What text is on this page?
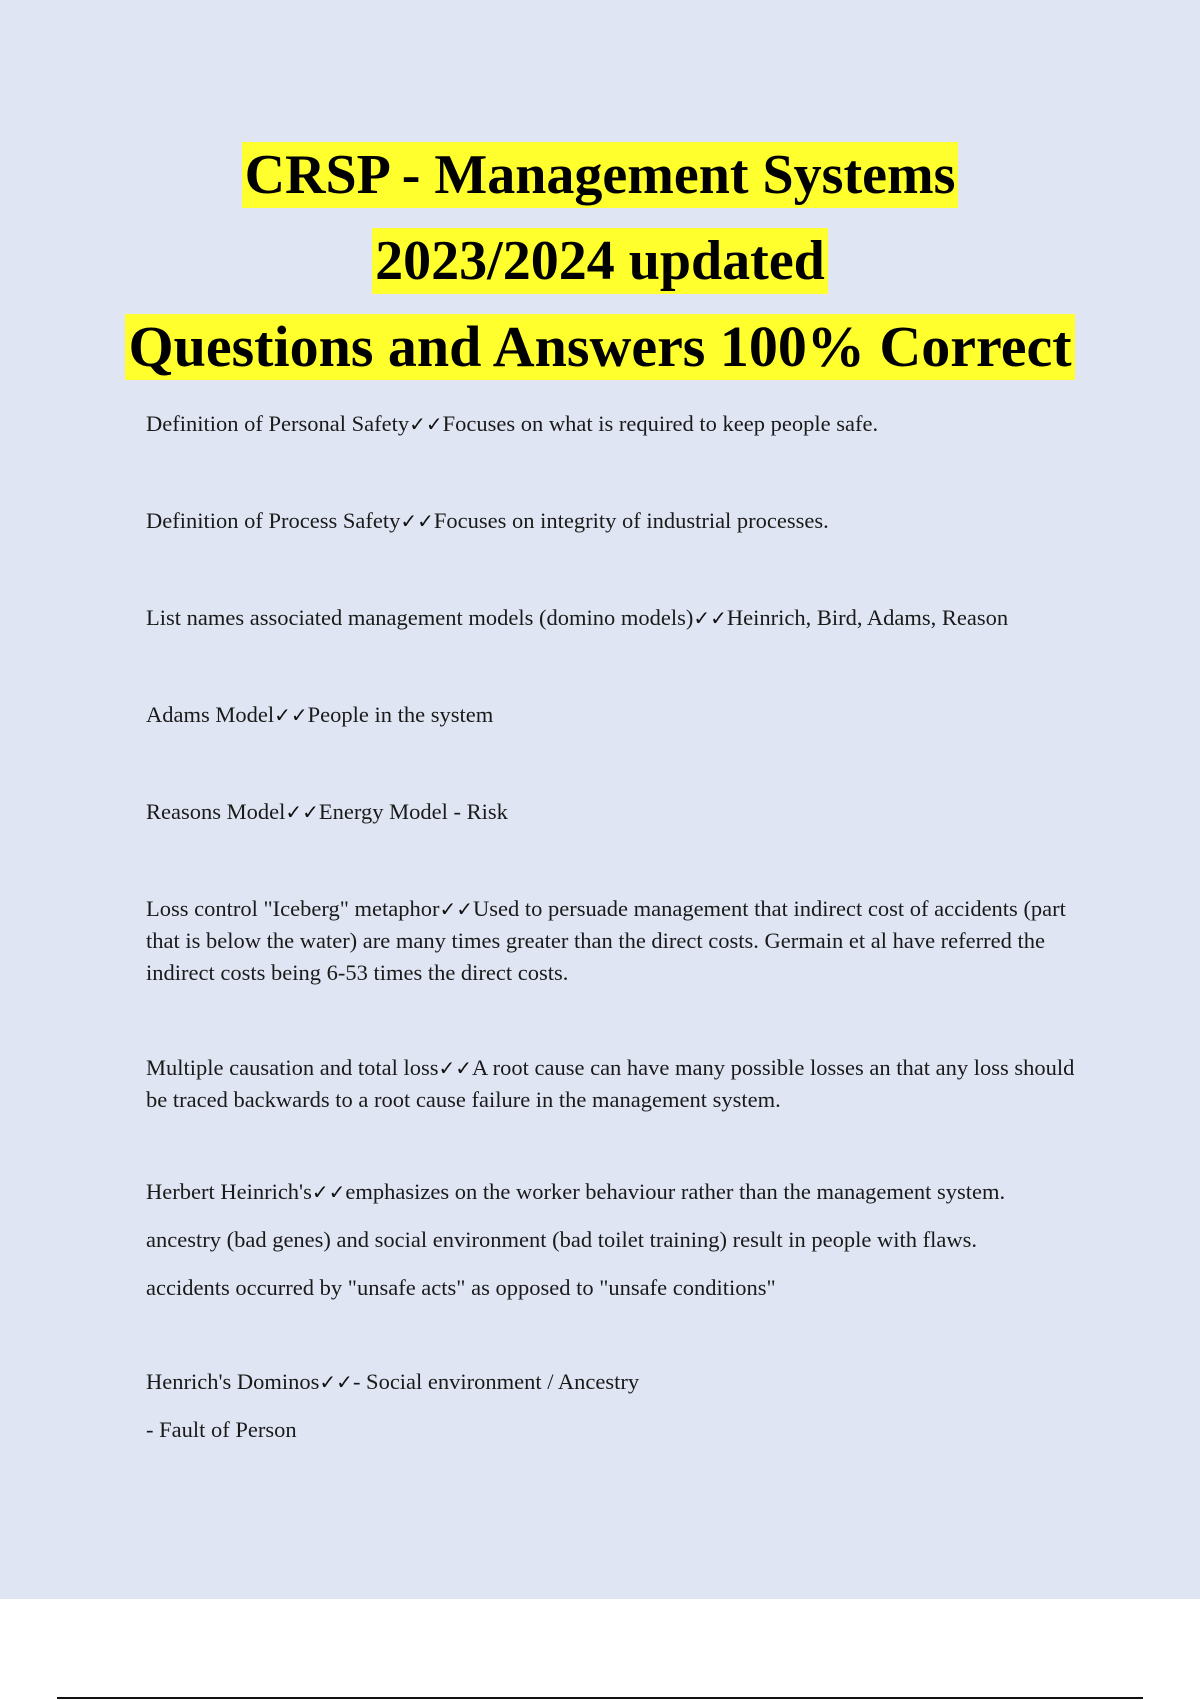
CRSP - Management Systems
2023/2024 updated
Questions and Answers 100% Correct
Definition of Personal Safety✓✓Focuses on what is required to keep people safe.
Definition of Process Safety✓✓Focuses on integrity of industrial processes.
List names associated management models (domino models)✓✓Heinrich, Bird, Adams, Reason
Adams Model✓✓People in the system
Reasons Model✓✓Energy Model - Risk
Loss control "Iceberg" metaphor✓✓Used to persuade management that indirect cost of accidents (part that is below the water) are many times greater than the direct costs. Germain et al have referred the indirect costs being 6-53 times the direct costs.
Multiple causation and total loss✓✓A root cause can have many possible losses an that any loss should be traced backwards to a root cause failure in the management system.
Herbert Heinrich's✓✓emphasizes on the worker behaviour rather than the management system.
ancestry (bad genes) and social environment (bad toilet training) result in people with flaws.
accidents occurred by "unsafe acts" as opposed to "unsafe conditions"
Henrich's Dominos✓✓- Social environment / Ancestry
- Fault of Person
